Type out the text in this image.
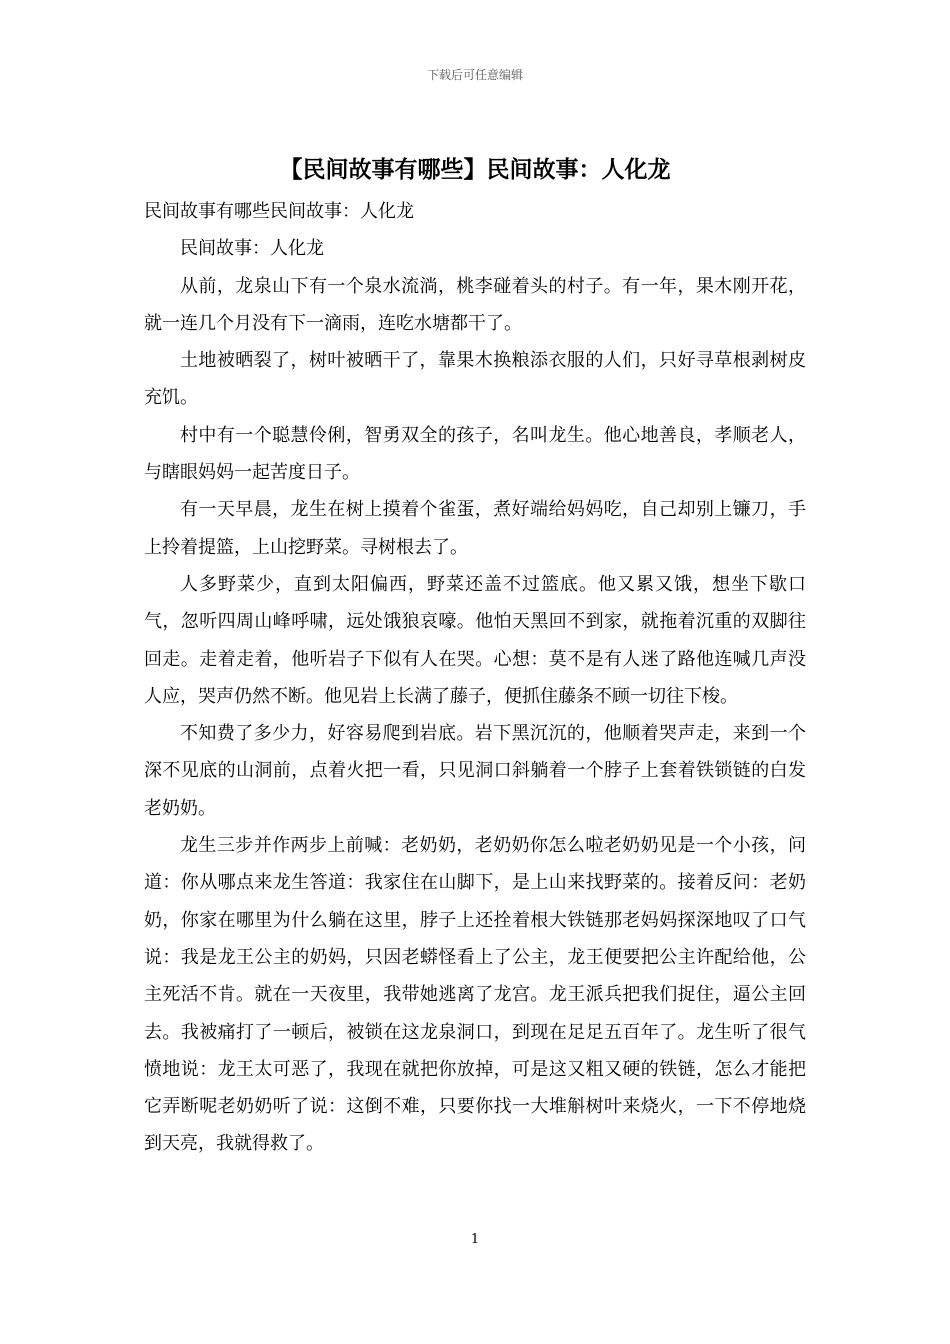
下载后可任意编辑
【民间故事有哪些】民间故事：人化龙

民间故事有哪些民间故事：人化龙

民间故事：人化龙

从前，龙泉山下有一个泉水流淌，桃李碰着头的村子。有一年，果木刚开花，就一连几个月没有下一滴雨，连吃水塘都干了。

土地被晒裂了，树叶被晒干了，靠果木换粮添衣服的人们，只好寻草根剥树皮充饥。

村中有一个聪慧伶俐，智勇双全的孩子，名叫龙生。他心地善良，孝顺老人，与瞎眼妈妈一起苦度日子。

有一天早晨，龙生在树上摸着个雀蛋，煮好端给妈妈吃，自己却别上镰刀，手上拎着提篮，上山挖野菜。寻树根去了。

人多野菜少，直到太阳偏西，野菜还盖不过篮底。他又累又饿，想坐下歇口气，忽听四周山峰呼啸，远处饿狼哀嚎。他怕天黑回不到家，就拖着沉重的双脚往回走。走着走着，他听岩子下似有人在哭。心想：莫不是有人迷了路他连喊几声没人应，哭声仍然不断。他见岩上长满了藤子，便抓住藤条不顾一切往下梭。

不知费了多少力，好容易爬到岩底。岩下黑沉沉的，他顺着哭声走，来到一个深不见底的山洞前，点着火把一看，只见洞口斜躺着一个脖子上套着铁锁链的白发老奶奶。

龙生三步并作两步上前喊：老奶奶，老奶奶你怎么啦老奶奶见是一个小孩，问道：你从哪点来龙生答道：我家住在山脚下，是上山来找野菜的。接着反问：老奶奶，你家在哪里为什么躺在这里，脖子上还拴着根大铁链那老妈妈探深地叹了口气说：我是龙王公主的奶妈，只因老蟒怪看上了公主，龙王便要把公主许配给他，公主死活不肯。就在一天夜里，我带她逃离了龙宫。龙王派兵把我们捉住，逼公主回去。我被痛打了一顿后，被锁在这龙泉洞口，到现在足足五百年了。龙生听了很气愤地说：龙王太可恶了，我现在就把你放掉，可是这又粗又硬的铁链，怎么才能把它弄断呢老奶奶听了说：这倒不难，只要你找一大堆斛树叶来烧火，一下不停地烧到天亮，我就得救了。

1
